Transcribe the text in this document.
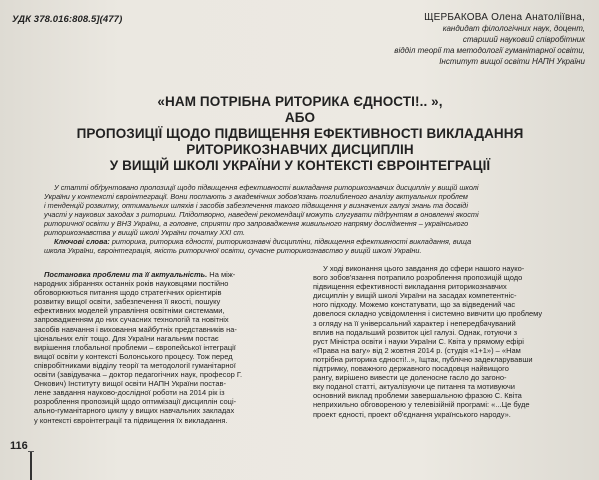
УДК 378.016:808.5](477)	ЩЕРБАКОВА Олена Анатоліївна,
кандидат філологічних наук, доцент,
старший науковий співробітник
відділ теорії та методології гуманітарної освіти,
Інститут вищої освіти НАПН України
«НАМ ПОТРІБНА РИТОРИКА ЄДНОСТІ!.. »,
АБО
ПРОПОЗИЦІЇ ЩОДО ПІДВИЩЕННЯ ЕФЕКТИВНОСТІ ВИКЛАДАННЯ
РИТОРИКОЗНАВЧИХ ДИСЦИПЛІН
У ВИЩІЙ ШКОЛІ УКРАЇНИ У КОНТЕКСТІ ЄВРОІНТЕГРАЦІЇ

У статті обґрунтовано пропозиції щодо підвищення ефективності викладання риторикознавчих дисциплін у вищій школі

України у контексті євроінтеграції. Вони постають з академічних зобов'язань поглибленого аналізу актуальних проблем

і тенденцій розвитку, оптимальних шляхів і засобів забезпечення такого підвищення у визначених галузі знань та досвіді

участі у наукових заходах з риторики. Плідотворно, наведені рекомендації можуть слугувати підґрунтям в оновленні якості

риторичної освіти у ВНЗ України, а головне, сприяти про запровадження живильного напряму дослідження – українського

риторикознавства у вищій школі України початку XXI ст.

Ключові слова: риторика, риторика єдності, риторикознавчі дисципліни, підвищення ефективності викладання, вища

школа України, євроінтеграція, якість риторичної освіти, сучасне риторикознавство у вищій школі України.

Постановка проблеми та її актуальність. На між-
народних зібраннях останніх років науковцями постійно
обговорюються питання щодо стратегічних орієнтирів
розвитку вищої освіти, забезпечення її якості, пошуку
ефективних моделей управління освітніми системами,
запровадженням до них сучасних технологій та новітніх
засобів навчання і виховання майбутніх представників на-
ціональних еліт тощо. Для України нагальним постає
вирішення глобальної проблеми – європейської інтеграції
вищої освіти у контексті Болонського процесу. Тож перед
співробітниками відділу теорії та методології гуманітарної
освіти (завідувачка – доктор педагогічних наук, професор Г.
Онкович) Інституту вищої освіти НАПН України постав-
лене завдання науково-дослідної роботи на 2014 рік із
розроблення пропозицій щодо оптимізації дисциплін соці-
ально-гуманітарного циклу у вищих навчальних закладах
у контексті євроінтеграції та підвищення їх викладання.
У ході виконання цього завдання до сфери нашого науко-
вого зобов'язання потрапило розроблення пропозицій щодо
підвищення ефективності викладання риторикознавчих
дисциплін у вищій школі України на засадах компетентніс-
ного підходу. Можемо констатувати, що за відведений час
довелося складно усвідомлення і системно вивчити цю проблему
з огляду на її універсальний характер і непередбачуваний
вплив на подальший розвиток цієї галузі. Однак, готуючи з
руст Міністра освіти і науки України С. Квіта у прямому ефірі
«Права на вагу» від 2 жовтня 2014 р. (студія «1+1») – «Нам
потрібна риторика єдності!..», їщтак, публічно задекларувавши
підтримку, поважного державного посадовця найвищого
рангу, вирішено вивести це доленосне гасло до загоно-
вку поданої статті, актуалізуючи це питання та мотивуючи
основний виклад проблеми завершальною фразою С. Квіта
неприхильно обговореною у телевізійній програмі: «...Це буде
проект єдності, проект об'єднання українського народу».
116
